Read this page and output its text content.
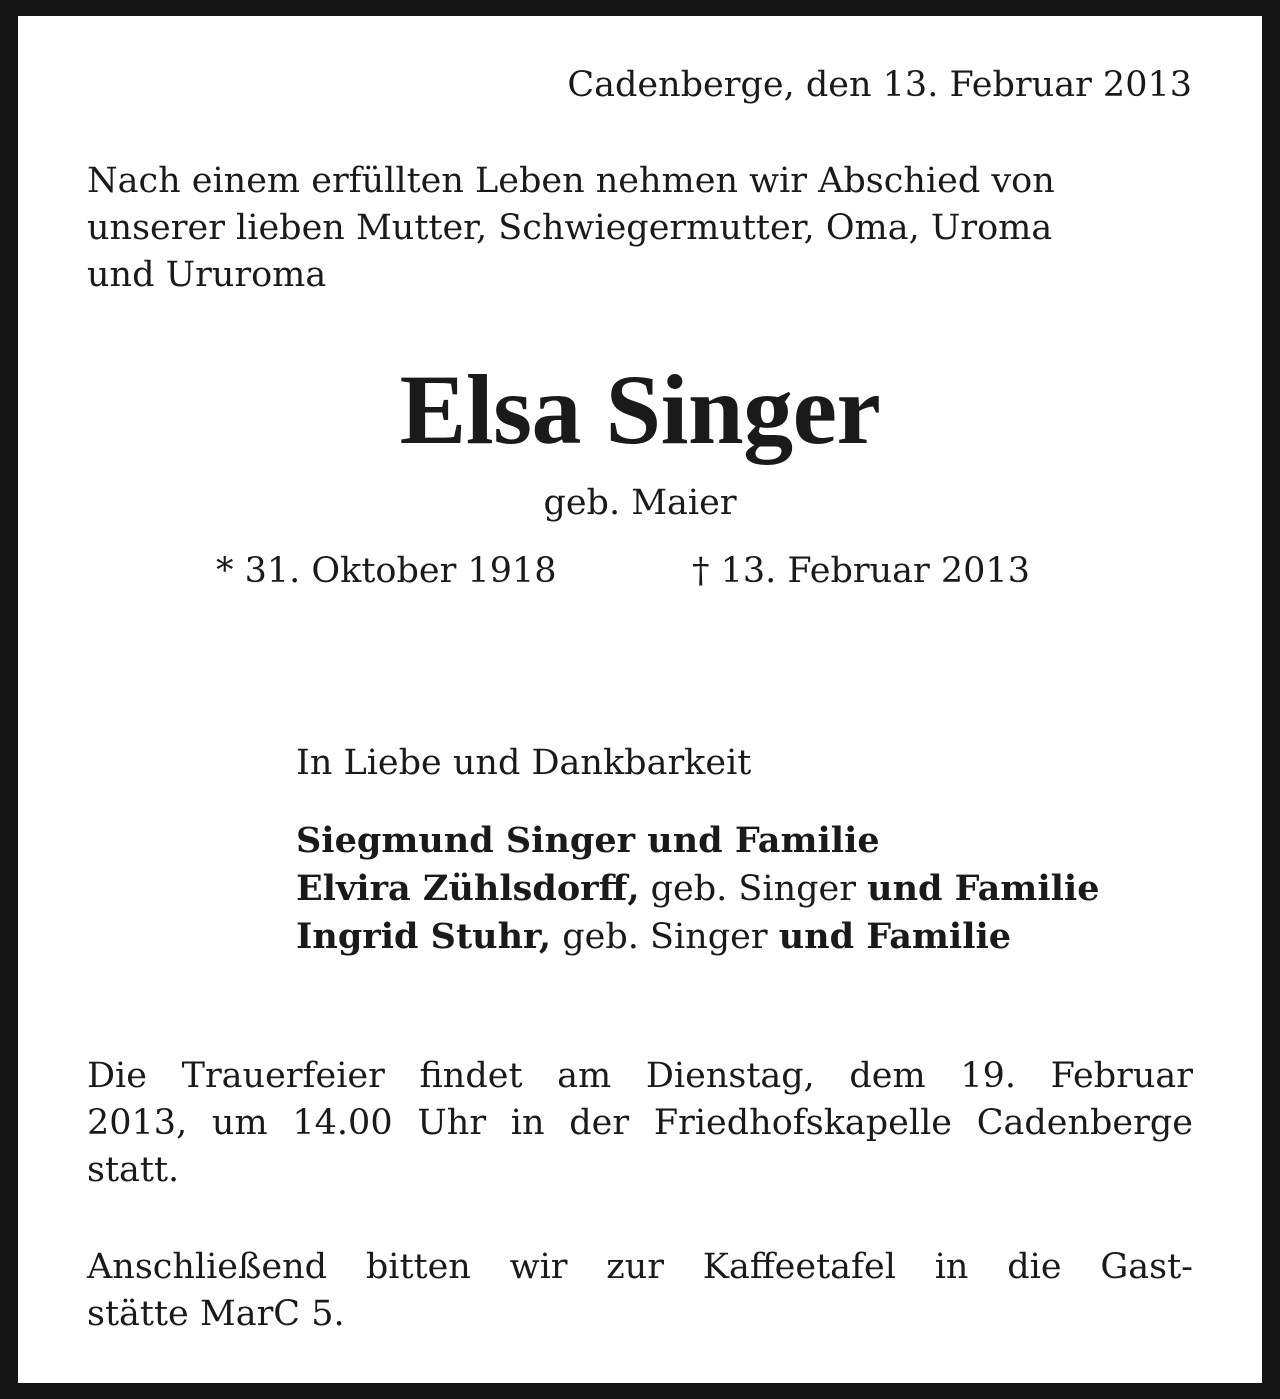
Cadenberge, den 13. Februar 2013

Nach einem erfüllten Leben nehmen wir Abschied von
unserer lieben Mutter, Schwiegermutter, Oma, Uroma
und Ururoma

Elsa Singer

geb. Maier

* 31. Oktober 1918	† 13. Februar 2013

In Liebe und Dankbarkeit

Siegmund Singer und Familie
Elvira Zühlsdorff, geb. Singer und Familie
Ingrid Stuhr, geb. Singer und Familie

Die Trauerfeier findet am Dienstag, dem 19. Februar
2013, um 14.00 Uhr in der Friedhofskapelle Cadenberge
statt.

Anschließend bitten wir zur Kaffeetafel in die Gast-
stätte MarC 5.
